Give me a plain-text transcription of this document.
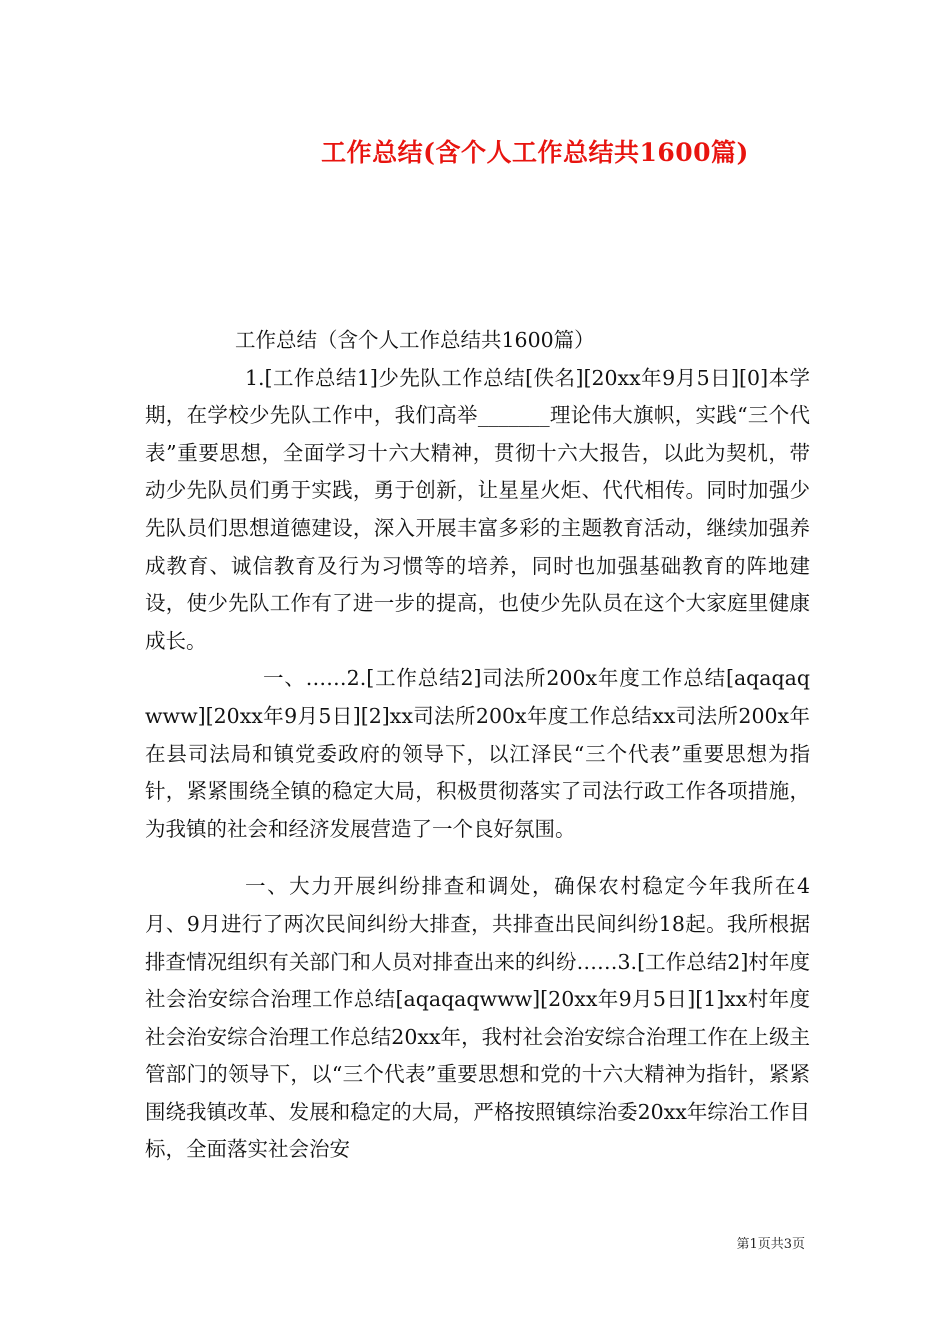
工作总结(含个人工作总结共1600篇)

工作总结（含个人工作总结共1600篇）

1.[工作总结1]少先队工作总结[佚名][20xx年9月5日][0]本学期，在学校少先队工作中，我们高举_______理论伟大旗帜，实践“三个代表”重要思想，全面学习十六大精神，贯彻十六大报告，以此为契机，带动少先队员们勇于实践，勇于创新，让星星火炬、代代相传。同时加强少先队员们思想道德建设，深入开展丰富多彩的主题教育活动，继续加强养成教育、诚信教育及行为习惯等的培养，同时也加强基础教育的阵地建设，使少先队工作有了进一步的提高，也使少先队员在这个大家庭里健康成长。

一、……2.[工作总结2]司法所200x年度工作总结[aqaqaqwww][20xx年9月5日][2]xx司法所200x年度工作总结xx司法所200x年在县司法局和镇党委政府的领导下，以江泽民“三个代表”重要思想为指针，紧紧围绕全镇的稳定大局，积极贯彻落实了司法行政工作各项措施，为我镇的社会和经济发展营造了一个良好氛围。

一、大力开展纠纷排查和调处，确保农村稳定今年我所在4月、9月进行了两次民间纠纷大排查，共排查出民间纠纷18起。我所根据排查情况组织有关部门和人员对排查出来的纠纷……3.[工作总结2]村年度社会治安综合治理工作总结[aqaqaqwww][20xx年9月5日][1]xx村年度社会治安综合治理工作总结20xx年，我村社会治安综合治理工作在上级主管部门的领导下，以“三个代表”重要思想和党的十六大精神为指针，紧紧围绕我镇改革、发展和稳定的大局，严格按照镇综治委20xx年综治工作目标，全面落实社会治安

第1页共3页
